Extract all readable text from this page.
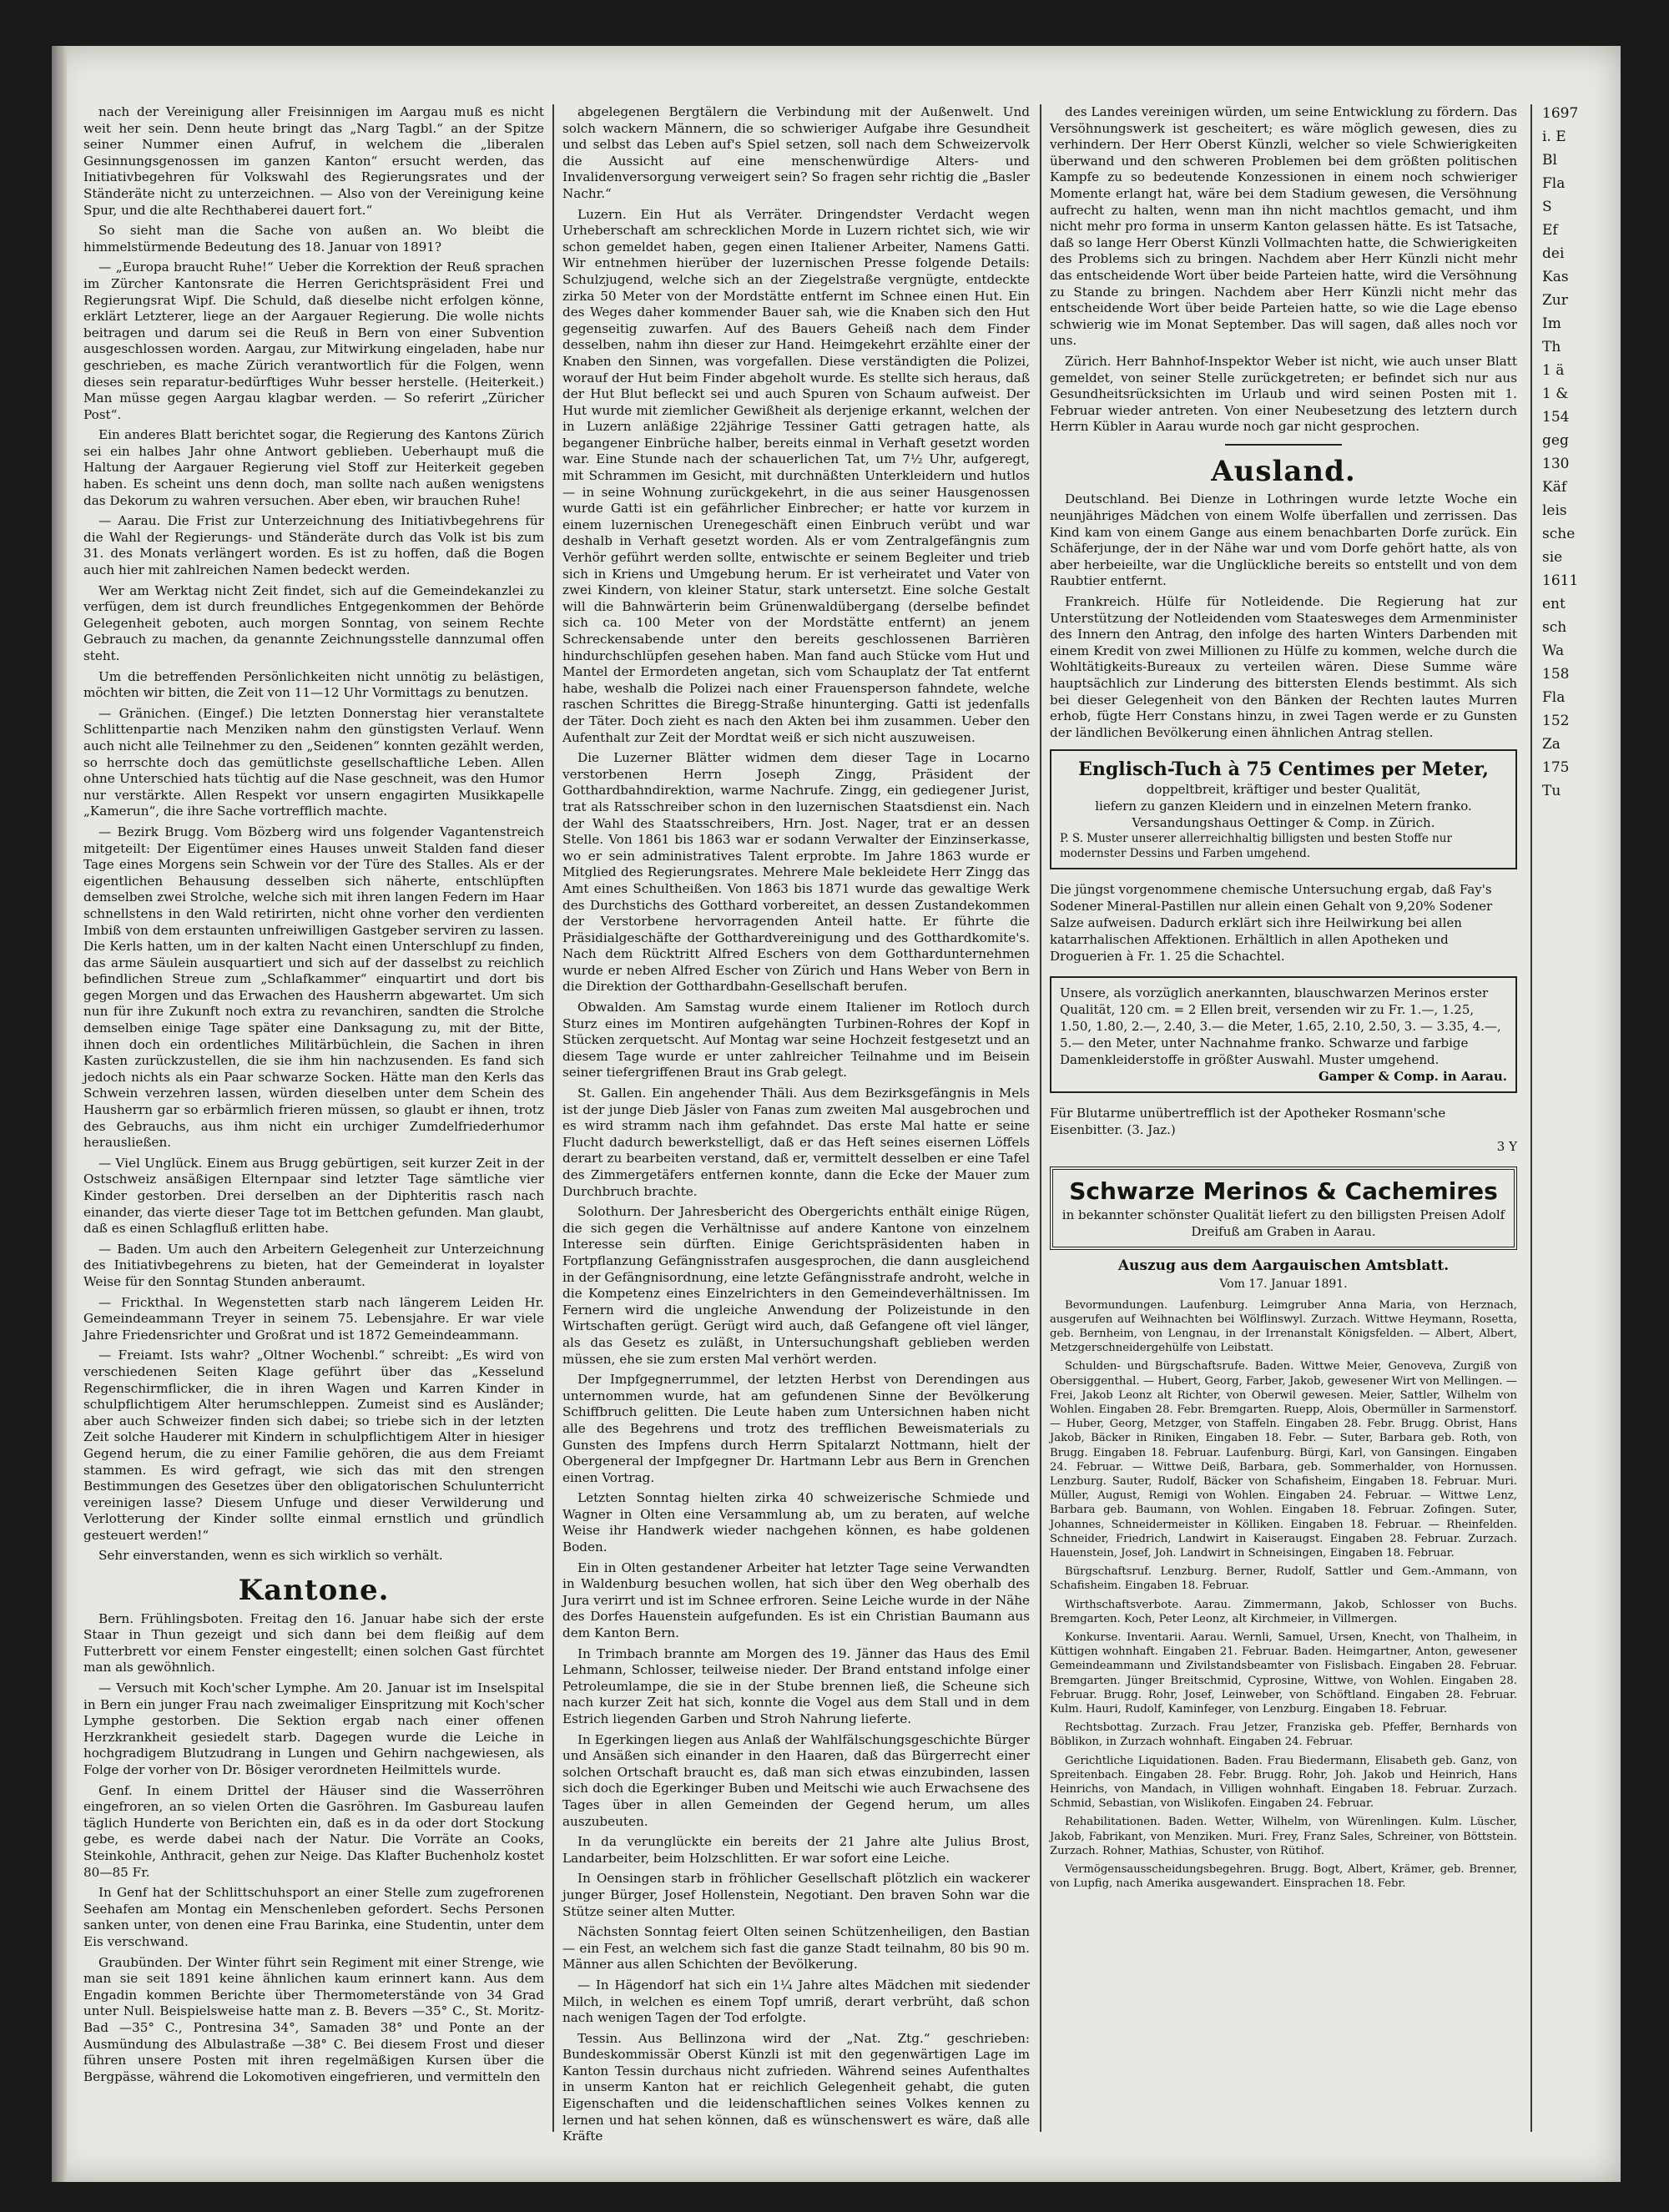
nach der Vereinigung aller Freisinnigen im Aargau muß es nicht weit her sein. Denn heute bringt das „Narg Tagbl.“ an der Spitze seiner Nummer einen Aufruf, in welchem die „liberalen Gesinnungsgenossen im ganzen Kanton“ ersucht werden, das Initiativbegehren für Volkswahl des Regierungsrates und der Ständeräte nicht zu unterzeichnen. — Also von der Vereinigung keine Spur, und die alte Rechthaberei dauert fort.“

So sieht man die Sache von außen an. Wo bleibt die himmelstürmende Bedeutung des 18. Januar von 1891?

— „Europa braucht Ruhe!“ Ueber die Korrektion der Reuß sprachen im Zürcher Kantonsrate die Herren Gerichtspräsident Frei und Regierungsrat Wipf. Die Schuld, daß dieselbe nicht erfolgen könne, erklärt Letzterer, liege an der Aargauer Regierung. Die wolle nichts beitragen und darum sei die Reuß in Bern von einer Subvention ausgeschlossen worden. Aargau, zur Mitwirkung eingeladen, habe nur geschrieben, es mache Zürich verantwortlich für die Folgen, wenn dieses sein reparatur-bedürftiges Wuhr besser herstelle. (Heiterkeit.) Man müsse gegen Aargau klagbar werden. — So referirt „Züricher Post“.

Ein anderes Blatt berichtet sogar, die Regierung des Kantons Zürich sei ein halbes Jahr ohne Antwort geblieben. Ueberhaupt muß die Haltung der Aargauer Regierung viel Stoff zur Heiterkeit gegeben haben. Es scheint uns denn doch, man sollte nach außen wenigstens das Dekorum zu wahren versuchen. Aber eben, wir brauchen Ruhe!

— Aarau. Die Frist zur Unterzeichnung des Initiativbegehrens für die Wahl der Regierungs- und Ständeräte durch das Volk ist bis zum 31. des Monats verlängert worden. Es ist zu hoffen, daß die Bogen auch hier mit zahlreichen Namen bedeckt werden.

Wer am Werktag nicht Zeit findet, sich auf die Gemeindekanzlei zu verfügen, dem ist durch freundliches Entgegenkommen der Behörde Gelegenheit geboten, auch morgen Sonntag, von seinem Rechte Gebrauch zu machen, da genannte Zeichnungsstelle dannzumal offen steht.

Um die betreffenden Persönlichkeiten nicht unnötig zu belästigen, möchten wir bitten, die Zeit von 11—12 Uhr Vormittags zu benutzen.

— Gränichen. (Eingef.) Die letzten Donnerstag hier veranstaltete Schlittenpartie nach Menziken nahm den günstigsten Verlauf. Wenn auch nicht alle Teilnehmer zu den „Seidenen“ konnten gezählt werden, so herrschte doch das gemütlichste gesellschaftliche Leben. Allen ohne Unterschied hats tüchtig auf die Nase geschneit, was den Humor nur verstärkte. Allen Respekt vor unsern engagirten Musikkapelle „Kamerun“, die ihre Sache vortrefflich machte.

— Bezirk Brugg. Vom Bözberg wird uns folgender Vagantenstreich mitgeteilt: Der Eigentümer eines Hauses unweit Stalden fand dieser Tage eines Morgens sein Schwein vor der Türe des Stalles. Als er der eigentlichen Behausung desselben sich näherte, entschlüpften demselben zwei Strolche, welche sich mit ihren langen Federn im Haar schnellstens in den Wald retirirten, nicht ohne vorher den verdienten Imbiß von dem erstaunten unfreiwilligen Gastgeber serviren zu lassen. Die Kerls hatten, um in der kalten Nacht einen Unterschlupf zu finden, das arme Säulein ausquartiert und sich auf der dasselbst zu reichlich befindlichen Streue zum „Schlafkammer“ einquartirt und dort bis gegen Morgen und das Erwachen des Hausherrn abgewartet. Um sich nun für ihre Zukunft noch extra zu revanchiren, sandten die Strolche demselben einige Tage später eine Danksagung zu, mit der Bitte, ihnen doch ein ordentliches Militärbüchlein, die Sachen in ihren Kasten zurückzustellen, die sie ihm hin nachzusenden. Es fand sich jedoch nichts als ein Paar schwarze Socken. Hätte man den Kerls das Schwein verzehren lassen, würden dieselben unter dem Schein des Hausherrn gar so erbärmlich frieren müssen, so glaubt er ihnen, trotz des Gebrauchs, aus ihm nicht ein urchiger Zumdelfriederhumor herausließen.

— Viel Unglück. Einem aus Brugg gebürtigen, seit kurzer Zeit in der Ostschweiz ansäßigen Elternpaar sind letzter Tage sämtliche vier Kinder gestorben. Drei derselben an der Diphteritis rasch nach einander, das vierte dieser Tage tot im Bettchen gefunden. Man glaubt, daß es einen Schlagfluß erlitten habe.

— Baden. Um auch den Arbeitern Gelegenheit zur Unterzeichnung des Initiativbegehrens zu bieten, hat der Gemeinderat in loyalster Weise für den Sonntag Stunden anberaumt.

— Frickthal. In Wegenstetten starb nach längerem Leiden Hr. Gemeindeammann Treyer in seinem 75. Lebensjahre. Er war viele Jahre Friedensrichter und Großrat und ist 1872 Gemeindeammann.

— Freiamt. Ists wahr? „Oltner Wochenbl.“ schreibt: „Es wird von verschiedenen Seiten Klage geführt über das „Kesselund Regenschirmflicker, die in ihren Wagen und Karren Kinder in schulpflichtigem Alter herumschleppen. Zumeist sind es Ausländer; aber auch Schweizer finden sich dabei; so triebe sich in der letzten Zeit solche Hauderer mit Kindern in schulpflichtigem Alter in hiesiger Gegend herum, die zu einer Familie gehören, die aus dem Freiamt stammen. Es wird gefragt, wie sich das mit den strengen Bestimmungen des Gesetzes über den obligatorischen Schulunterricht vereinigen lasse? Diesem Unfuge und dieser Verwilderung und Verlotterung der Kinder sollte einmal ernstlich und gründlich gesteuert werden!“

Sehr einverstanden, wenn es sich wirklich so verhält.

Kantone.

Bern. Frühlingsboten. Freitag den 16. Januar habe sich der erste Staar in Thun gezeigt und sich dann bei dem fleißig auf dem Futterbrett vor einem Fenster eingestellt; einen solchen Gast fürchtet man als gewöhnlich.

— Versuch mit Koch'scher Lymphe. Am 20. Januar ist im Inselspital in Bern ein junger Frau nach zweimaliger Einspritzung mit Koch'scher Lymphe gestorben. Die Sektion ergab nach einer offenen Herzkrankheit gesiedelt starb. Dagegen wurde die Leiche in hochgradigem Blutzudrang in Lungen und Gehirn nachgewiesen, als Folge der vorher von Dr. Bösiger verordneten Heilmittels wurde.

Genf. In einem Drittel der Häuser sind die Wasserröhren eingefroren, an so vielen Orten die Gasröhren. Im Gasbureau laufen täglich Hunderte von Berichten ein, daß es in da oder dort Stockung gebe, es werde dabei nach der Natur. Die Vorräte an Cooks, Steinkohle, Anthracit, gehen zur Neige. Das Klafter Buchenholz kostet 80—85 Fr.

In Genf hat der Schlittschuhsport an einer Stelle zum zugefrorenen Seehafen am Montag ein Menschenleben gefordert. Sechs Personen sanken unter, von denen eine Frau Barinka, eine Studentin, unter dem Eis verschwand.

Graubünden. Der Winter führt sein Regiment mit einer Strenge, wie man sie seit 1891 keine ähnlichen kaum erinnert kann. Aus dem Engadin kommen Berichte über Thermometerstände von 34 Grad unter Null. Beispielsweise hatte man z. B. Bevers —35° C., St. Moritz-Bad —35° C., Pontresina 34°, Samaden 38° und Ponte an der Ausmündung des Albulastraße —38° C. Bei diesem Frost und dieser führen unsere Posten mit ihren regelmäßigen Kursen über die Bergpässe, während die Lokomotiven eingefrieren, und vermitteln den

abgelegenen Bergtälern die Verbindung mit der Außenwelt. Und solch wackern Männern, die so schwieriger Aufgabe ihre Gesundheit und selbst das Leben auf's Spiel setzen, soll nach dem Schweizervolk die Aussicht auf eine menschenwürdige Alters- und Invalidenversorgung verweigert sein? So fragen sehr richtig die „Basler Nachr.“

Luzern. Ein Hut als Verräter. Dringendster Verdacht wegen Urheberschaft am schrecklichen Morde in Luzern richtet sich, wie wir schon gemeldet haben, gegen einen Italiener Arbeiter, Namens Gatti. Wir entnehmen hierüber der luzernischen Presse folgende Details: Schulzjugend, welche sich an der Ziegelstraße vergnügte, entdeckte zirka 50 Meter von der Mordstätte entfernt im Schnee einen Hut. Ein des Weges daher kommender Bauer sah, wie die Knaben sich den Hut gegenseitig zuwarfen. Auf des Bauers Geheiß nach dem Finder desselben, nahm ihn dieser zur Hand. Heimgekehrt erzählte einer der Knaben den Sinnen, was vorgefallen. Diese verständigten die Polizei, worauf der Hut beim Finder abgeholt wurde. Es stellte sich heraus, daß der Hut Blut befleckt sei und auch Spuren von Schaum aufweist. Der Hut wurde mit ziemlicher Gewißheit als derjenige erkannt, welchen der in Luzern anläßige 22jährige Tessiner Gatti getragen hatte, als begangener Einbrüche halber, bereits einmal in Verhaft gesetzt worden war. Eine Stunde nach der schauerlichen Tat, um 7½ Uhr, aufgeregt, mit Schrammen im Gesicht, mit durchnäßten Unterkleidern und hutlos — in seine Wohnung zurückgekehrt, in die aus seiner Hausgenossen wurde Gatti ist ein gefährlicher Einbrecher; er hatte vor kurzem in einem luzernischen Urenegeschäft einen Einbruch verübt und war deshalb in Verhaft gesetzt worden. Als er vom Zentralgefängnis zum Verhör geführt werden sollte, entwischte er seinem Begleiter und trieb sich in Kriens und Umgebung herum. Er ist verheiratet und Vater von zwei Kindern, von kleiner Statur, stark untersetzt. Eine solche Gestalt will die Bahnwärterin beim Grünenwaldübergang (derselbe befindet sich ca. 100 Meter von der Mordstätte entfernt) an jenem Schreckensabende unter den bereits geschlossenen Barrièren hindurchschlüpfen gesehen haben. Man fand auch Stücke vom Hut und Mantel der Ermordeten angetan, sich vom Schauplatz der Tat entfernt habe, weshalb die Polizei nach einer Frauensperson fahndete, welche raschen Schrittes die Biregg-Straße hinunterging. Gatti ist jedenfalls der Täter. Doch zieht es nach den Akten bei ihm zusammen. Ueber den Aufenthalt zur Zeit der Mordtat weiß er sich nicht auszuweisen.

Die Luzerner Blätter widmen dem dieser Tage in Locarno verstorbenen Herrn Joseph Zingg, Präsident der Gotthardbahndirektion, warme Nachrufe. Zingg, ein gediegener Jurist, trat als Ratsschreiber schon in den luzernischen Staatsdienst ein. Nach der Wahl des Staatsschreibers, Hrn. Jost. Nager, trat er an dessen Stelle. Von 1861 bis 1863 war er sodann Verwalter der Einzinserkasse, wo er sein administratives Talent erprobte. Im Jahre 1863 wurde er Mitglied des Regierungsrates. Mehrere Male bekleidete Herr Zingg das Amt eines Schultheißen. Von 1863 bis 1871 wurde das gewaltige Werk des Durchstichs des Gotthard vorbereitet, an dessen Zustandekommen der Verstorbene hervorragenden Anteil hatte. Er führte die Präsidialgeschäfte der Gotthardvereinigung und des Gotthardkomite's. Nach dem Rücktritt Alfred Eschers von dem Gotthardunternehmen wurde er neben Alfred Escher von Zürich und Hans Weber von Bern in die Direktion der Gotthardbahn-Gesellschaft berufen.

Obwalden. Am Samstag wurde einem Italiener im Rotloch durch Sturz eines im Montiren aufgehängten Turbinen-Rohres der Kopf in Stücken zerquetscht. Auf Montag war seine Hochzeit festgesetzt und an diesem Tage wurde er unter zahlreicher Teilnahme und im Beisein seiner tiefergriffenen Braut ins Grab gelegt.

St. Gallen. Ein angehender Thäli. Aus dem Bezirksgefängnis in Mels ist der junge Dieb Jäsler von Fanas zum zweiten Mal ausgebrochen und es wird stramm nach ihm gefahndet. Das erste Mal hatte er seine Flucht dadurch bewerkstelligt, daß er das Heft seines eisernen Löffels derart zu bearbeiten verstand, daß er, vermittelt desselben er eine Tafel des Zimmergetäfers entfernen konnte, dann die Ecke der Mauer zum Durchbruch brachte.

Solothurn. Der Jahresbericht des Obergerichts enthält einige Rügen, die sich gegen die Verhältnisse auf andere Kantone von einzelnem Interesse sein dürften. Einige Gerichtspräsidenten haben in Fortpflanzung Gefängnisstrafen ausgesprochen, die dann ausgleichend in der Gefängnisordnung, eine letzte Gefängnisstrafe androht, welche in die Kompetenz eines Einzelrichters in den Gemeindeverhältnissen. Im Fernern wird die ungleiche Anwendung der Polizeistunde in den Wirtschaften gerügt. Gerügt wird auch, daß Gefangene oft viel länger, als das Gesetz es zuläßt, in Untersuchungshaft geblieben werden müssen, ehe sie zum ersten Mal verhört werden.

Der Impfgegnerrummel, der letzten Herbst von Derendingen aus unternommen wurde, hat am gefundenen Sinne der Bevölkerung Schiffbruch gelitten. Die Leute haben zum Untersichnen haben nicht alle des Begehrens und trotz des trefflichen Beweismaterials zu Gunsten des Impfens durch Herrn Spitalarzt Nottmann, hielt der Obergeneral der Impfgegner Dr. Hartmann Lebr aus Bern in Grenchen einen Vortrag.

Letzten Sonntag hielten zirka 40 schweizerische Schmiede und Wagner in Olten eine Versammlung ab, um zu beraten, auf welche Weise ihr Handwerk wieder nachgehen können, es habe goldenen Boden.

Ein in Olten gestandener Arbeiter hat letzter Tage seine Verwandten in Waldenburg besuchen wollen, hat sich über den Weg oberhalb des Jura verirrt und ist im Schnee erfroren. Seine Leiche wurde in der Nähe des Dorfes Hauenstein aufgefunden. Es ist ein Christian Baumann aus dem Kanton Bern.

In Trimbach brannte am Morgen des 19. Jänner das Haus des Emil Lehmann, Schlosser, teilweise nieder. Der Brand entstand infolge einer Petroleumlampe, die sie in der Stube brennen ließ, die Scheune sich nach kurzer Zeit hat sich, konnte die Vogel aus dem Stall und in dem Estrich liegenden Garben und Stroh Nahrung lieferte.

In Egerkingen liegen aus Anlaß der Wahlfälschungsgeschichte Bürger und Ansäßen sich einander in den Haaren, daß das Bürgerrecht einer solchen Ortschaft braucht es, daß man sich etwas einzubinden, lassen sich doch die Egerkinger Buben und Meitschi wie auch Erwachsene des Tages über in allen Gemeinden der Gegend herum, um alles auszubeuten.

In da verunglückte ein bereits der 21 Jahre alte Julius Brost, Landarbeiter, beim Holzschlitten. Er war sofort eine Leiche.

In Oensingen starb in fröhlicher Gesellschaft plötzlich ein wackerer junger Bürger, Josef Hollenstein, Negotiant. Den braven Sohn war die Stütze seiner alten Mutter.

Nächsten Sonntag feiert Olten seinen Schützenheiligen, den Bastian — ein Fest, an welchem sich fast die ganze Stadt teilnahm, 80 bis 90 m. Männer aus allen Schichten der Bevölkerung.

— In Hägendorf hat sich ein 1¼ Jahre altes Mädchen mit siedender Milch, in welchen es einem Topf umriß, derart verbrüht, daß schon nach wenigen Tagen der Tod erfolgte.

Tessin. Aus Bellinzona wird der „Nat. Ztg.“ geschrieben: Bundeskommissär Oberst Künzli ist mit den gegenwärtigen Lage im Kanton Tessin durchaus nicht zufrieden. Während seines Aufenthaltes in unserm Kanton hat er reichlich Gelegenheit gehabt, die guten Eigenschaften und die leidenschaftlichen seines Volkes kennen zu lernen und hat sehen können, daß es wünschenswert es wäre, daß alle Kräfte

des Landes vereinigen würden, um seine Entwicklung zu fördern. Das Versöhnungswerk ist gescheitert; es wäre möglich gewesen, dies zu verhindern. Der Herr Oberst Künzli, welcher so viele Schwierigkeiten überwand und den schweren Problemen bei dem größten politischen Kampfe zu so bedeutende Konzessionen in einem noch schwieriger Momente erlangt hat, wäre bei dem Stadium gewesen, die Versöhnung aufrecht zu halten, wenn man ihn nicht machtlos gemacht, und ihm nicht mehr pro forma in unserm Kanton gelassen hätte. Es ist Tatsache, daß so lange Herr Oberst Künzli Vollmachten hatte, die Schwierigkeiten des Problems sich zu bringen. Nachdem aber Herr Künzli nicht mehr das entscheidende Wort über beide Parteien hatte, wird die Versöhnung zu Stande zu bringen. Nachdem aber Herr Künzli nicht mehr das entscheidende Wort über beide Parteien hatte, so wie die Lage ebenso schwierig wie im Monat September. Das will sagen, daß alles noch vor uns.

Zürich. Herr Bahnhof-Inspektor Weber ist nicht, wie auch unser Blatt gemeldet, von seiner Stelle zurückgetreten; er befindet sich nur aus Gesundheitsrücksichten im Urlaub und wird seinen Posten mit 1. Februar wieder antreten. Von einer Neubesetzung des letztern durch Herrn Kübler in Aarau wurde noch gar nicht gesprochen.

Ausland.

Deutschland. Bei Dienze in Lothringen wurde letzte Woche ein neunjähriges Mädchen von einem Wolfe überfallen und zerrissen. Das Kind kam von einem Gange aus einem benachbarten Dorfe zurück. Ein Schäferjunge, der in der Nähe war und vom Dorfe gehört hatte, als von aber herbeieilte, war die Unglückliche bereits so entstellt und von dem Raubtier entfernt.

Frankreich. Hülfe für Notleidende. Die Regierung hat zur Unterstützung der Notleidenden vom Staatesweges dem Armenminister des Innern den Antrag, den infolge des harten Winters Darbenden mit einem Kredit von zwei Millionen zu Hülfe zu kommen, welche durch die Wohltätigkeits-Bureaux zu verteilen wären. Diese Summe wäre hauptsächlich zur Linderung des bittersten Elends bestimmt. Als sich bei dieser Gelegenheit von den Bänken der Rechten lautes Murren erhob, fügte Herr Constans hinzu, in zwei Tagen werde er zu Gunsten der ländlichen Bevölkerung einen ähnlichen Antrag stellen.

Englisch-Tuch à 75 Centimes per Meter,
doppeltbreit, kräftiger und bester Qualität,
liefern zu ganzen Kleidern und in einzelnen Metern franko. Versandungshaus Oettinger & Comp. in Zürich.
P. S. Muster unserer allerreichhaltig billigsten und besten Stoffe nur modernster Dessins und Farben umgehend.
Die jüngst vorgenommene chemische Untersuchung ergab, daß Fay's Sodener Mineral-Pastillen nur allein einen Gehalt von 9,20% Sodener Salze aufweisen. Dadurch erklärt sich ihre Heilwirkung bei allen katarrhalischen Affektionen. Erhältlich in allen Apotheken und Droguerien à Fr. 1. 25 die Schachtel.
Unsere, als vorzüglich anerkannten, blauschwarzen Merinos erster Qualität, 120 cm. = 2 Ellen breit, versenden wir zu Fr. 1.—, 1.25, 1.50, 1.80, 2.—, 2.40, 3.— die Meter, 1.65, 2.10, 2.50, 3. — 3.35, 4.—, 5.— den Meter, unter Nachnahme franko. Schwarze und farbige Damenkleiderstoffe in größter Auswahl. Muster umgehend.
Gamper & Comp. in Aarau.
Für Blutarme unübertrefflich ist der Apotheker Rosmann'sche Eisenbitter. (3. Jaz.)
3 Y
Schwarze Merinos & Cachemires
in bekannter schönster Qualität liefert zu den billigsten Preisen Adolf Dreifuß am Graben in Aarau.
Auszug aus dem Aargauischen Amtsblatt.
Vom 17. Januar 1891.

Bevormundungen. Laufenburg. Leimgruber Anna Maria, von Herznach, ausgerufen auf Weihnachten bei Wölflinswyl. Zurzach. Wittwe Heymann, Rosetta, geb. Bernheim, von Lengnau, in der Irrenanstalt Königsfelden. — Albert, Albert, Metzgerschneidergehülfe von Leibstatt.

Schulden- und Bürgschaftsrufe. Baden. Wittwe Meier, Genoveva, Zurgiß von Obersiggenthal. — Hubert, Georg, Farber, Jakob, gewesener Wirt von Mellingen. — Frei, Jakob Leonz alt Richter, von Oberwil gewesen. Meier, Sattler, Wilhelm von Wohlen. Eingaben 28. Febr. Bremgarten. Ruepp, Alois, Obermüller in Sarmenstorf. — Huber, Georg, Metzger, von Staffeln. Eingaben 28. Febr. Brugg. Obrist, Hans Jakob, Bäcker in Riniken, Eingaben 18. Febr. — Suter, Barbara geb. Roth, von Brugg. Eingaben 18. Februar. Laufenburg. Bürgi, Karl, von Gansingen. Eingaben 24. Februar. — Wittwe Deiß, Barbara, geb. Sommerhalder, von Hornussen. Lenzburg. Sauter, Rudolf, Bäcker von Schafisheim, Eingaben 18. Februar. Muri. Müller, August, Remigi von Wohlen. Eingaben 24. Februar. — Wittwe Lenz, Barbara geb. Baumann, von Wohlen. Eingaben 18. Februar. Zofingen. Suter, Johannes, Schneidermeister in Kölliken. Eingaben 18. Februar. — Rheinfelden. Schneider, Friedrich, Landwirt in Kaiseraugst. Eingaben 28. Februar. Zurzach. Hauenstein, Josef, Joh. Landwirt in Schneisingen, Eingaben 18. Februar.

Bürgschaftsruf. Lenzburg. Berner, Rudolf, Sattler und Gem.-Ammann, von Schafisheim. Eingaben 18. Februar.

Wirthschaftsverbote. Aarau. Zimmermann, Jakob, Schlosser von Buchs. Bremgarten. Koch, Peter Leonz, alt Kirchmeier, in Villmergen.

Konkurse. Inventarii. Aarau. Wernli, Samuel, Ursen, Knecht, von Thalheim, in Küttigen wohnhaft. Eingaben 21. Februar. Baden. Heimgartner, Anton, gewesener Gemeindeammann und Zivilstandsbeamter von Fislisbach. Eingaben 28. Februar. Bremgarten. Jünger Breitschmid, Cyprosine, Wittwe, von Wohlen. Eingaben 28. Februar. Brugg. Rohr, Josef, Leinweber, von Schöftland. Eingaben 28. Februar. Kulm. Hauri, Rudolf, Kaminfeger, von Lenzburg. Eingaben 18. Februar.

Rechtsbottag. Zurzach. Frau Jetzer, Franziska geb. Pfeffer, Bernhards von Böblikon, in Zurzach wohnhaft. Eingaben 24. Februar.

Gerichtliche Liquidationen. Baden. Frau Biedermann, Elisabeth geb. Ganz, von Spreitenbach. Eingaben 28. Febr. Brugg. Rohr, Joh. Jakob und Heinrich, Hans Heinrichs, von Mandach, in Villigen wohnhaft. Eingaben 18. Februar. Zurzach. Schmid, Sebastian, von Wislikofen. Eingaben 24. Februar.

Rehabilitationen. Baden. Wetter, Wilhelm, von Würenlingen. Kulm. Lüscher, Jakob, Fabrikant, von Menziken. Muri. Frey, Franz Sales, Schreiner, von Böttstein. Zurzach. Rohner, Mathias, Schuster, von Rütihof.

Vermögensausscheidungsbegehren. Brugg. Bogt, Albert, Krämer, geb. Brenner, von Lupfig, nach Amerika ausgewandert. Einsprachen 18. Febr.

1697
i. E
Bl
Fla
S
Ef
dei
Kas
Zur
Im
Th
1 ä
1 &
154
geg
130
Käf
leis
sche
sie
1611
ent
sch
Wa
158
Fla
152
Za
175
Tu
